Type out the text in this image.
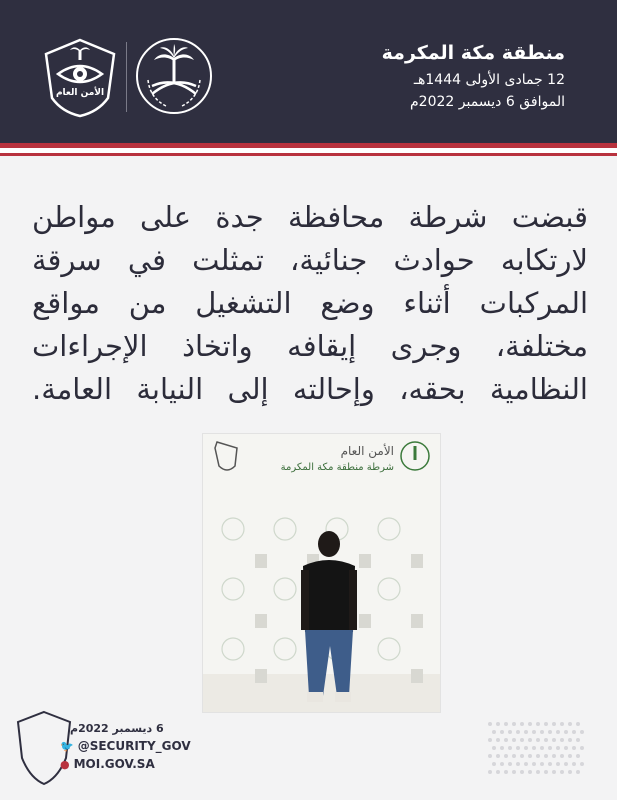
منطقة مكة المكرمة
12 جمادى الأولى 1444هـ
الموافق 6 ديسمبر 2022م
الأمن العام
قبضت شرطة محافظة جدة على مواطن
لارتكابه حوادث جنائية، تمثلت في سرقة
المركبات أثناء وضع التشغيل من مواقع
مختلفة، وجرى إيقافه واتخاذ الإجراءات
النظامية بحقه، وإحالته إلى النيابة العامة.
الأمن العام
شرطة منطقة مكة المكرمة
6 ديسمبر 2022م
🐦 @SECURITY_GOV
● MOI.GOV.SA
